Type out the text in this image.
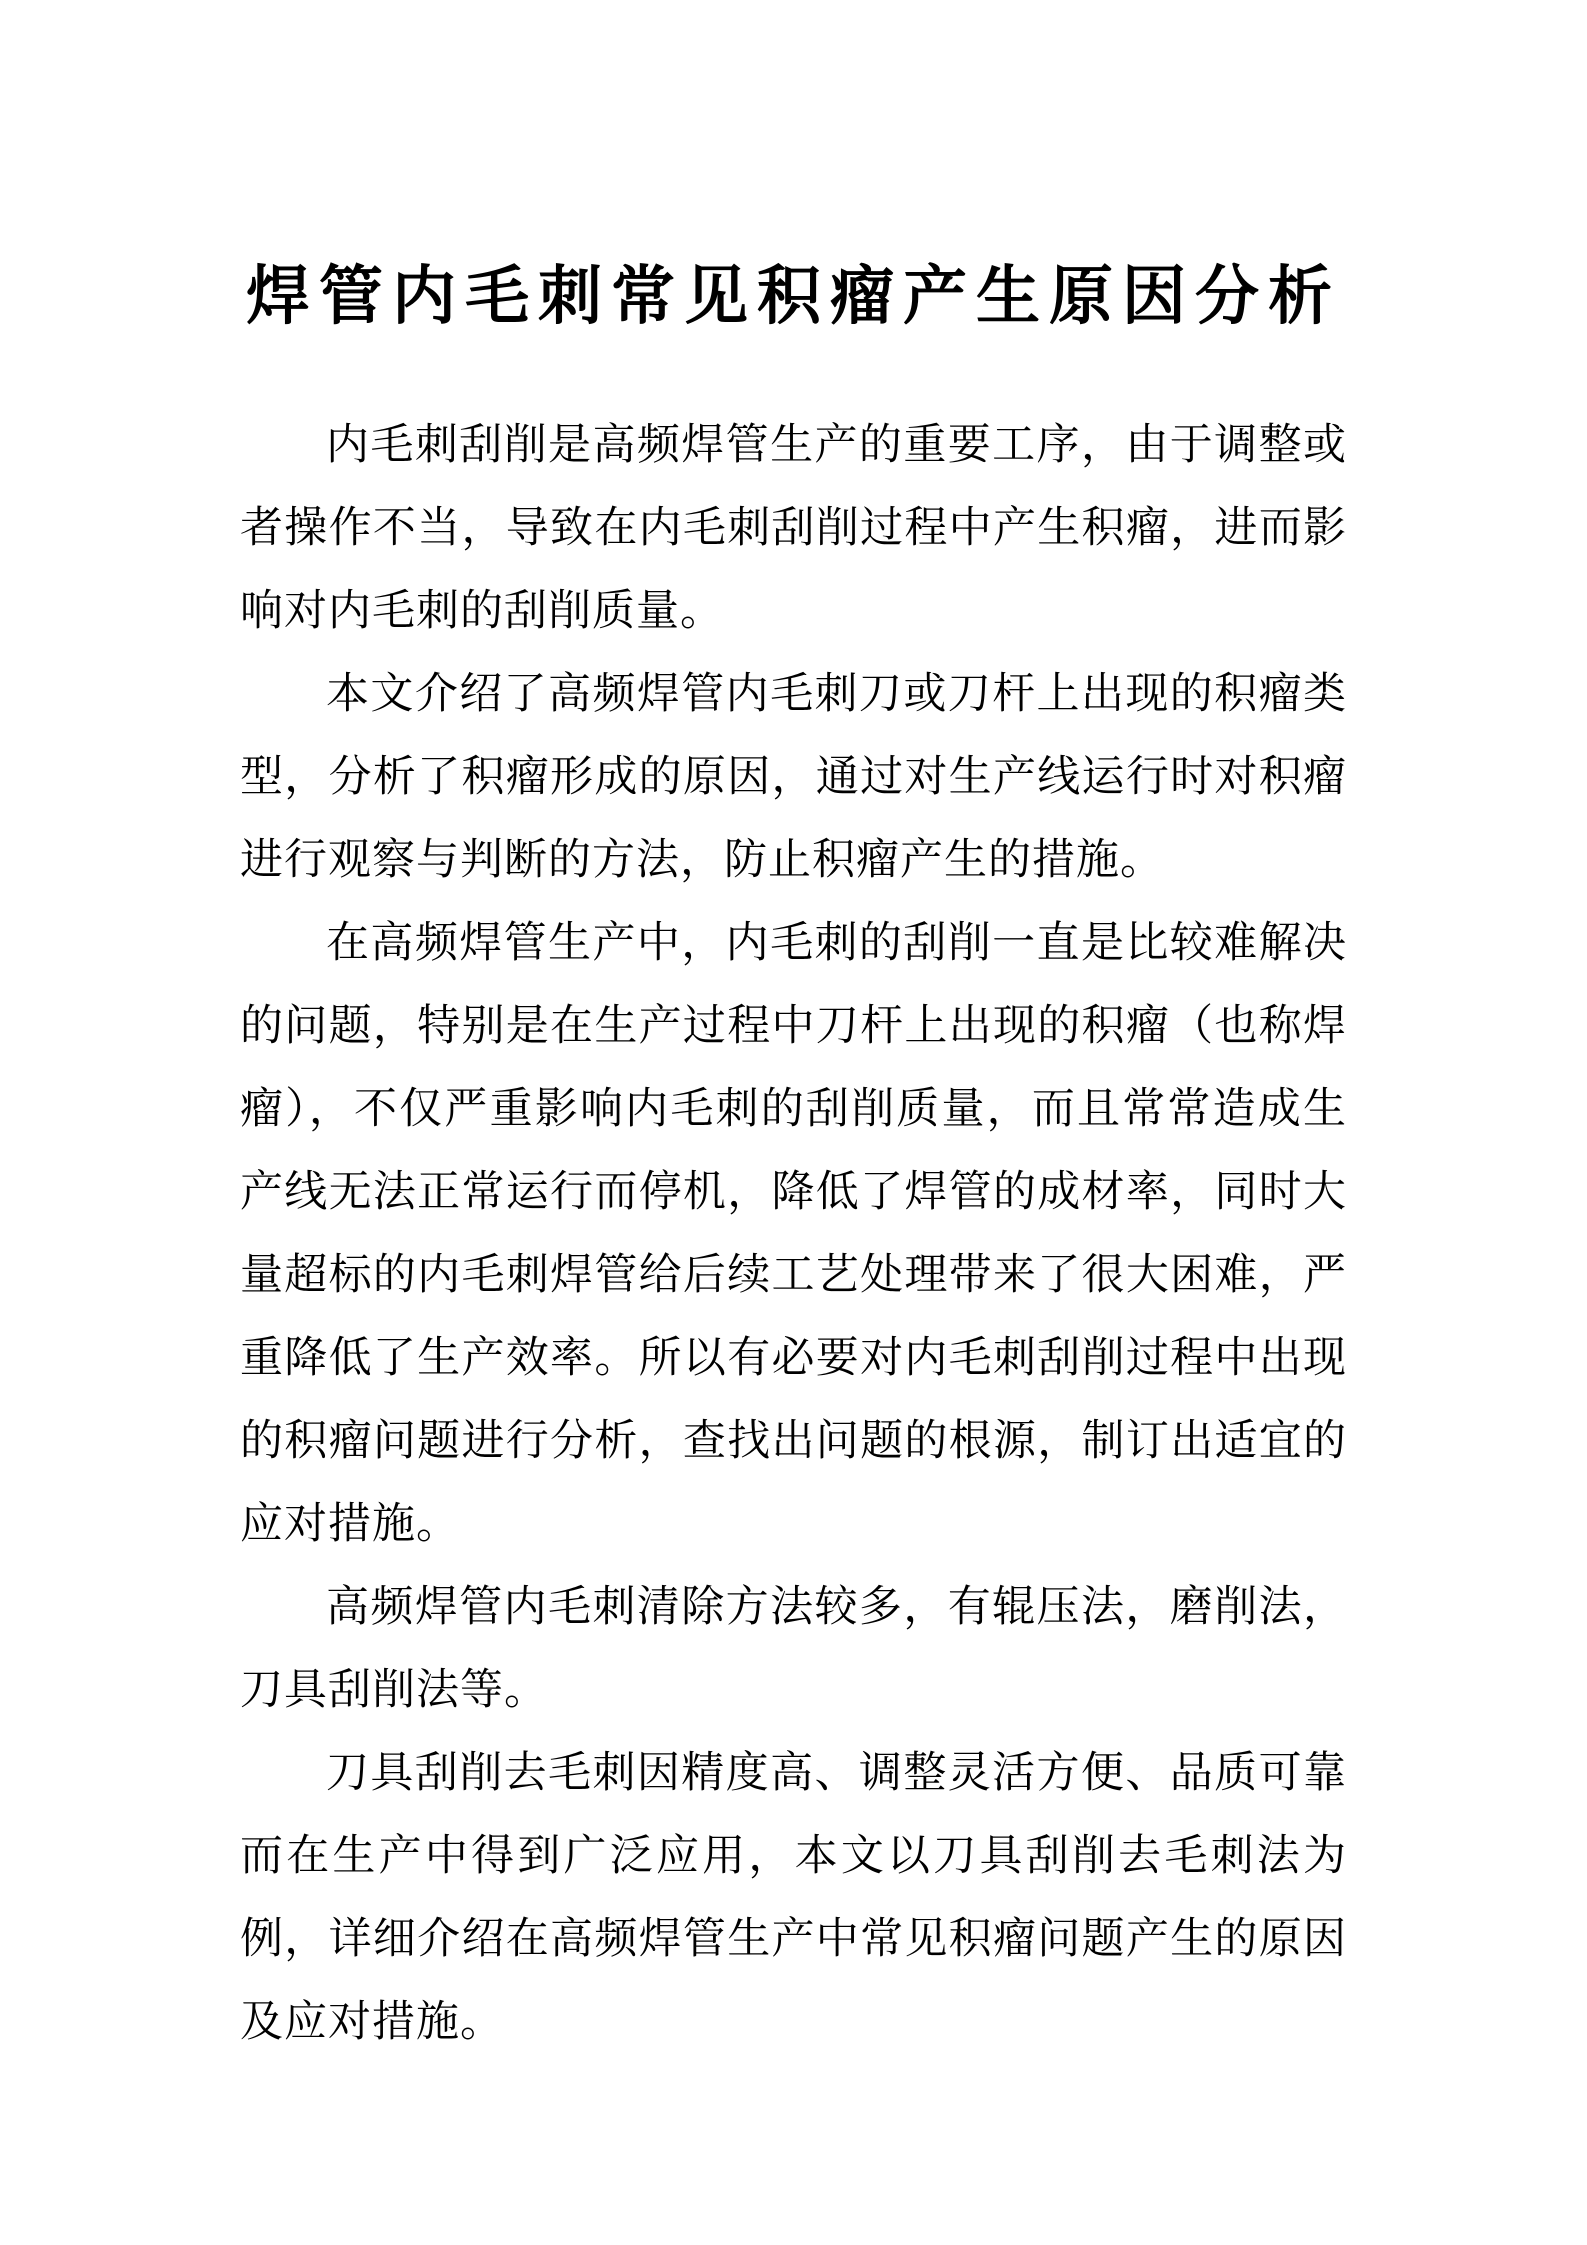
焊管内毛刺常见积瘤产生原因分析

内毛刺刮削是高频焊管生产的重要工序，由于调整或者操作不当，导致在内毛刺刮削过程中产生积瘤，进而影响对内毛刺的刮削质量。

本文介绍了高频焊管内毛刺刀或刀杆上出现的积瘤类型，分析了积瘤形成的原因，通过对生产线运行时对积瘤进行观察与判断的方法，防止积瘤产生的措施。

在高频焊管生产中，内毛刺的刮削一直是比较难解决的问题，特别是在生产过程中刀杆上出现的积瘤（也称焊瘤），不仅严重影响内毛刺的刮削质量，而且常常造成生产线无法正常运行而停机，降低了焊管的成材率，同时大量超标的内毛刺焊管给后续工艺处理带来了很大困难，严重降低了生产效率。所以有必要对内毛刺刮削过程中出现的积瘤问题进行分析，查找出问题的根源，制订出适宜的应对措施。

高频焊管内毛刺清除方法较多，有辊压法，磨削法，刀具刮削法等。

刀具刮削去毛刺因精度高、调整灵活方便、品质可靠而在生产中得到广泛应用，本文以刀具刮削去毛刺法为例，详细介绍在高频焊管生产中常见积瘤问题产生的原因及应对措施。
